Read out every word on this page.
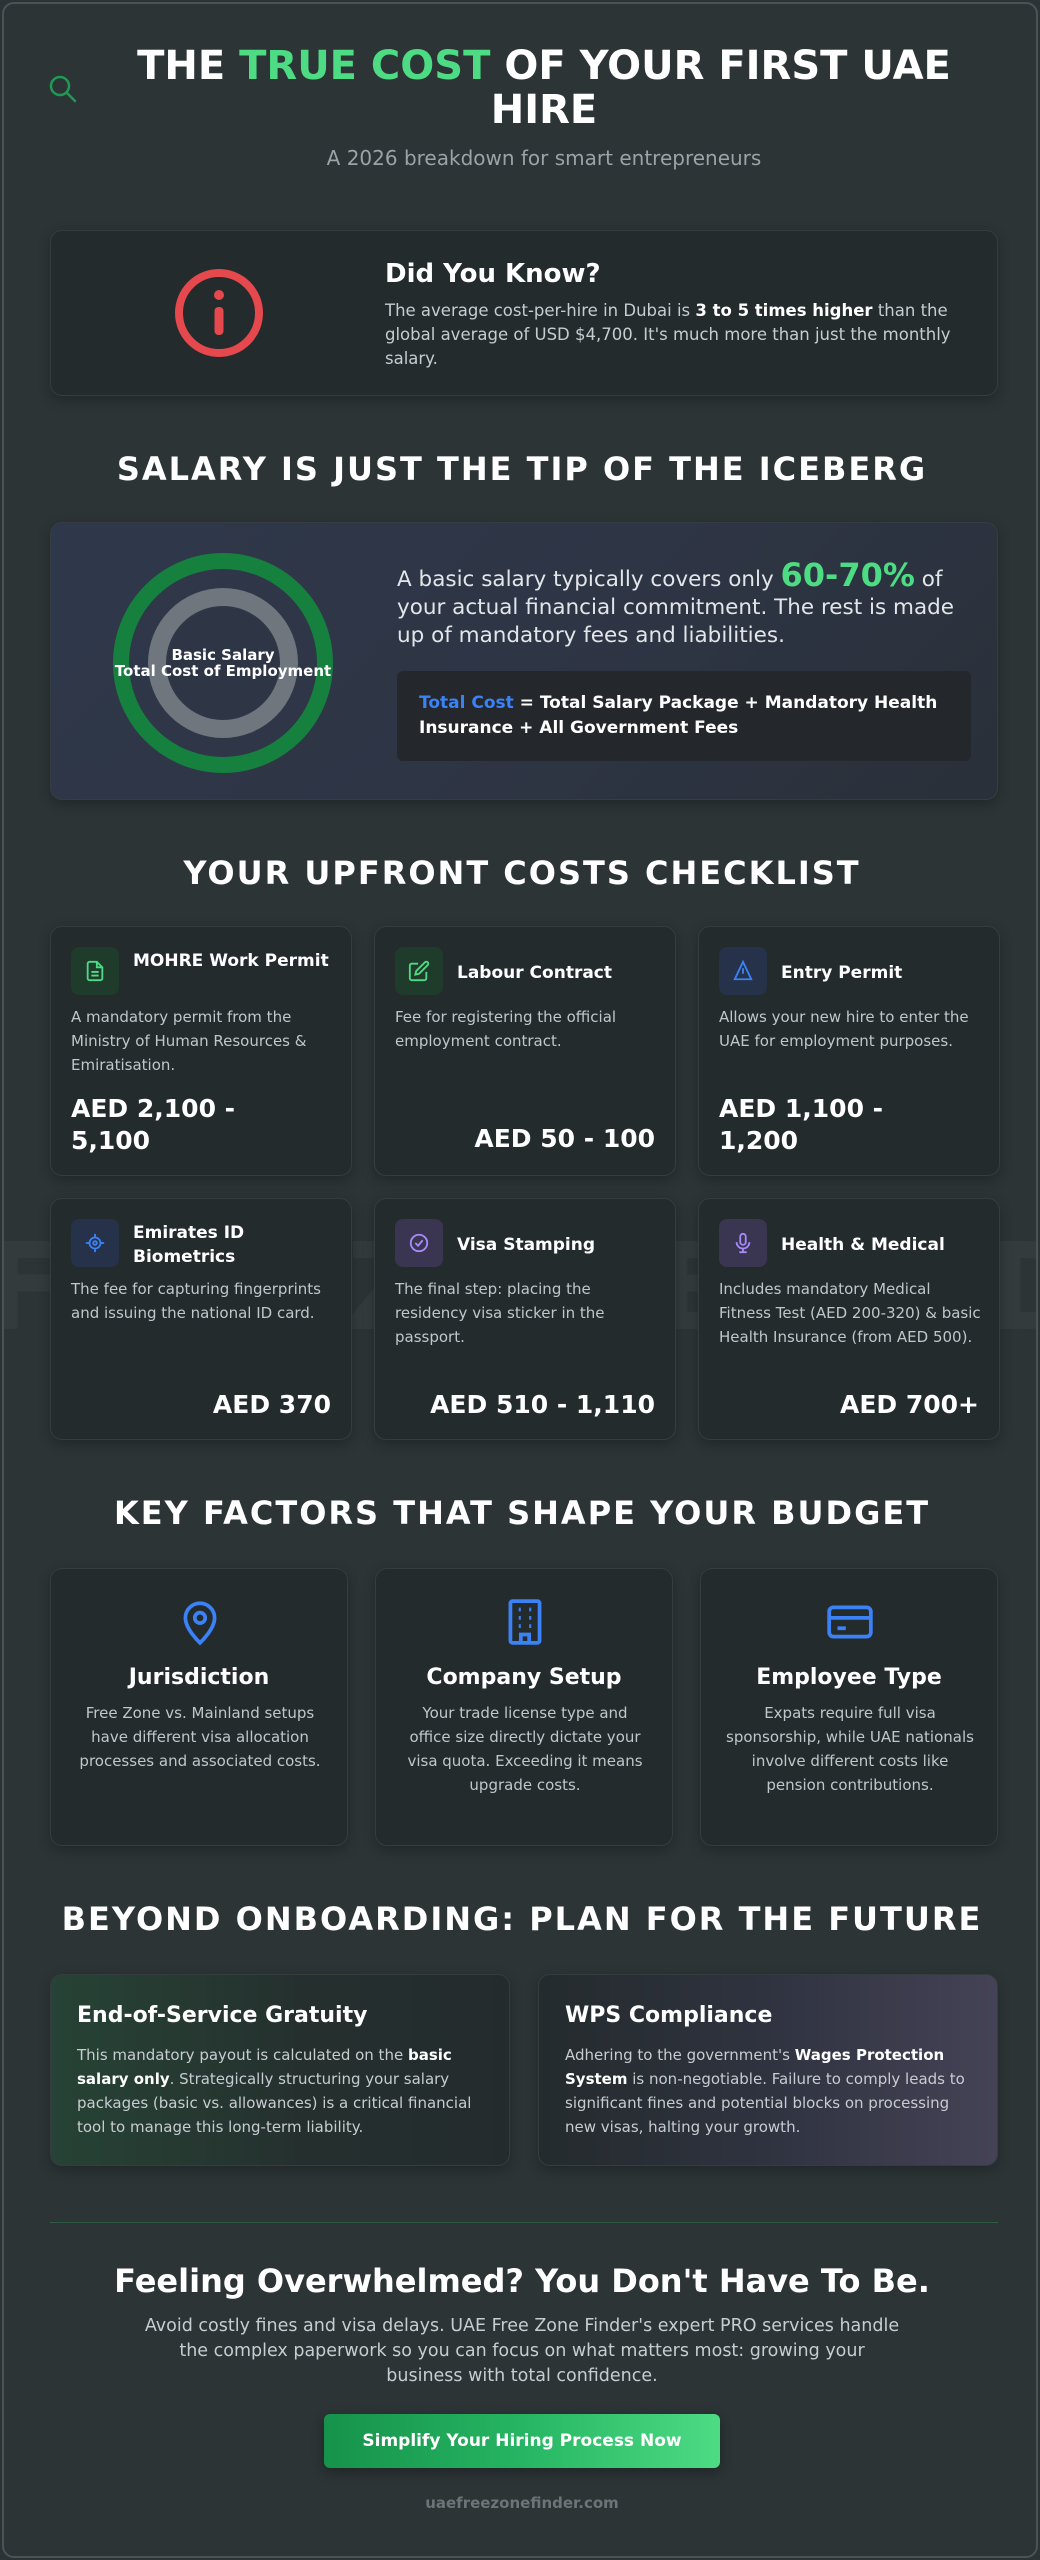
THE TRUE COST OF YOUR FIRST UAE HIRE
A 2026 breakdown for smart entrepreneurs
Did You Know?
The average cost-per-hire in Dubai is 3 to 5 times higher than the global average of USD $4,700. It's much more than just the monthly salary.
SALARY IS JUST THE TIP OF THE ICEBERG
Basic Salary
Total Cost of Employment
A basic salary typically covers only 60-70% of your actual financial commitment. The rest is made up of mandatory fees and liabilities.
Total Cost = Total Salary Package + Mandatory Health Insurance + All Government Fees
YOUR UPFRONT COSTS CHECKLIST
MOHRE Work Permit
A mandatory permit from the Ministry of Human Resources & Emiratisation.
AED 2,100 - 5,100
Labour Contract
Fee for registering the official employment contract.
AED 50 - 100
Entry Permit
Allows your new hire to enter the UAE for employment purposes.
AED 1,100 - 1,200
Emirates ID Biometrics
The fee for capturing fingerprints and issuing the national ID card.
AED 370
Visa Stamping
The final step: placing the residency visa sticker in the passport.
AED 510 - 1,110
Health & Medical
Includes mandatory Medical Fitness Test (AED 200-320) & basic Health Insurance (from AED 500).
AED 700+
KEY FACTORS THAT SHAPE YOUR BUDGET
Jurisdiction
Free Zone vs. Mainland setups have different visa allocation processes and associated costs.
Company Setup
Your trade license type and office size directly dictate your visa quota. Exceeding it means upgrade costs.
Employee Type
Expats require full visa sponsorship, while UAE nationals involve different costs like pension contributions.
BEYOND ONBOARDING: PLAN FOR THE FUTURE
End-of-Service Gratuity
This mandatory payout is calculated on the basic salary only. Strategically structuring your salary packages (basic vs. allowances) is a critical financial tool to manage this long-term liability.
WPS Compliance
Adhering to the government's Wages Protection System is non-negotiable. Failure to comply leads to significant fines and potential blocks on processing new visas, halting your growth.
Feeling Overwhelmed? You Don't Have To Be.
Avoid costly fines and visa delays. UAE Free Zone Finder's expert PRO services handle the complex paperwork so you can focus on what matters most: growing your business with total confidence.
Simplify Your Hiring Process Now
uaefreezonefinder.com
